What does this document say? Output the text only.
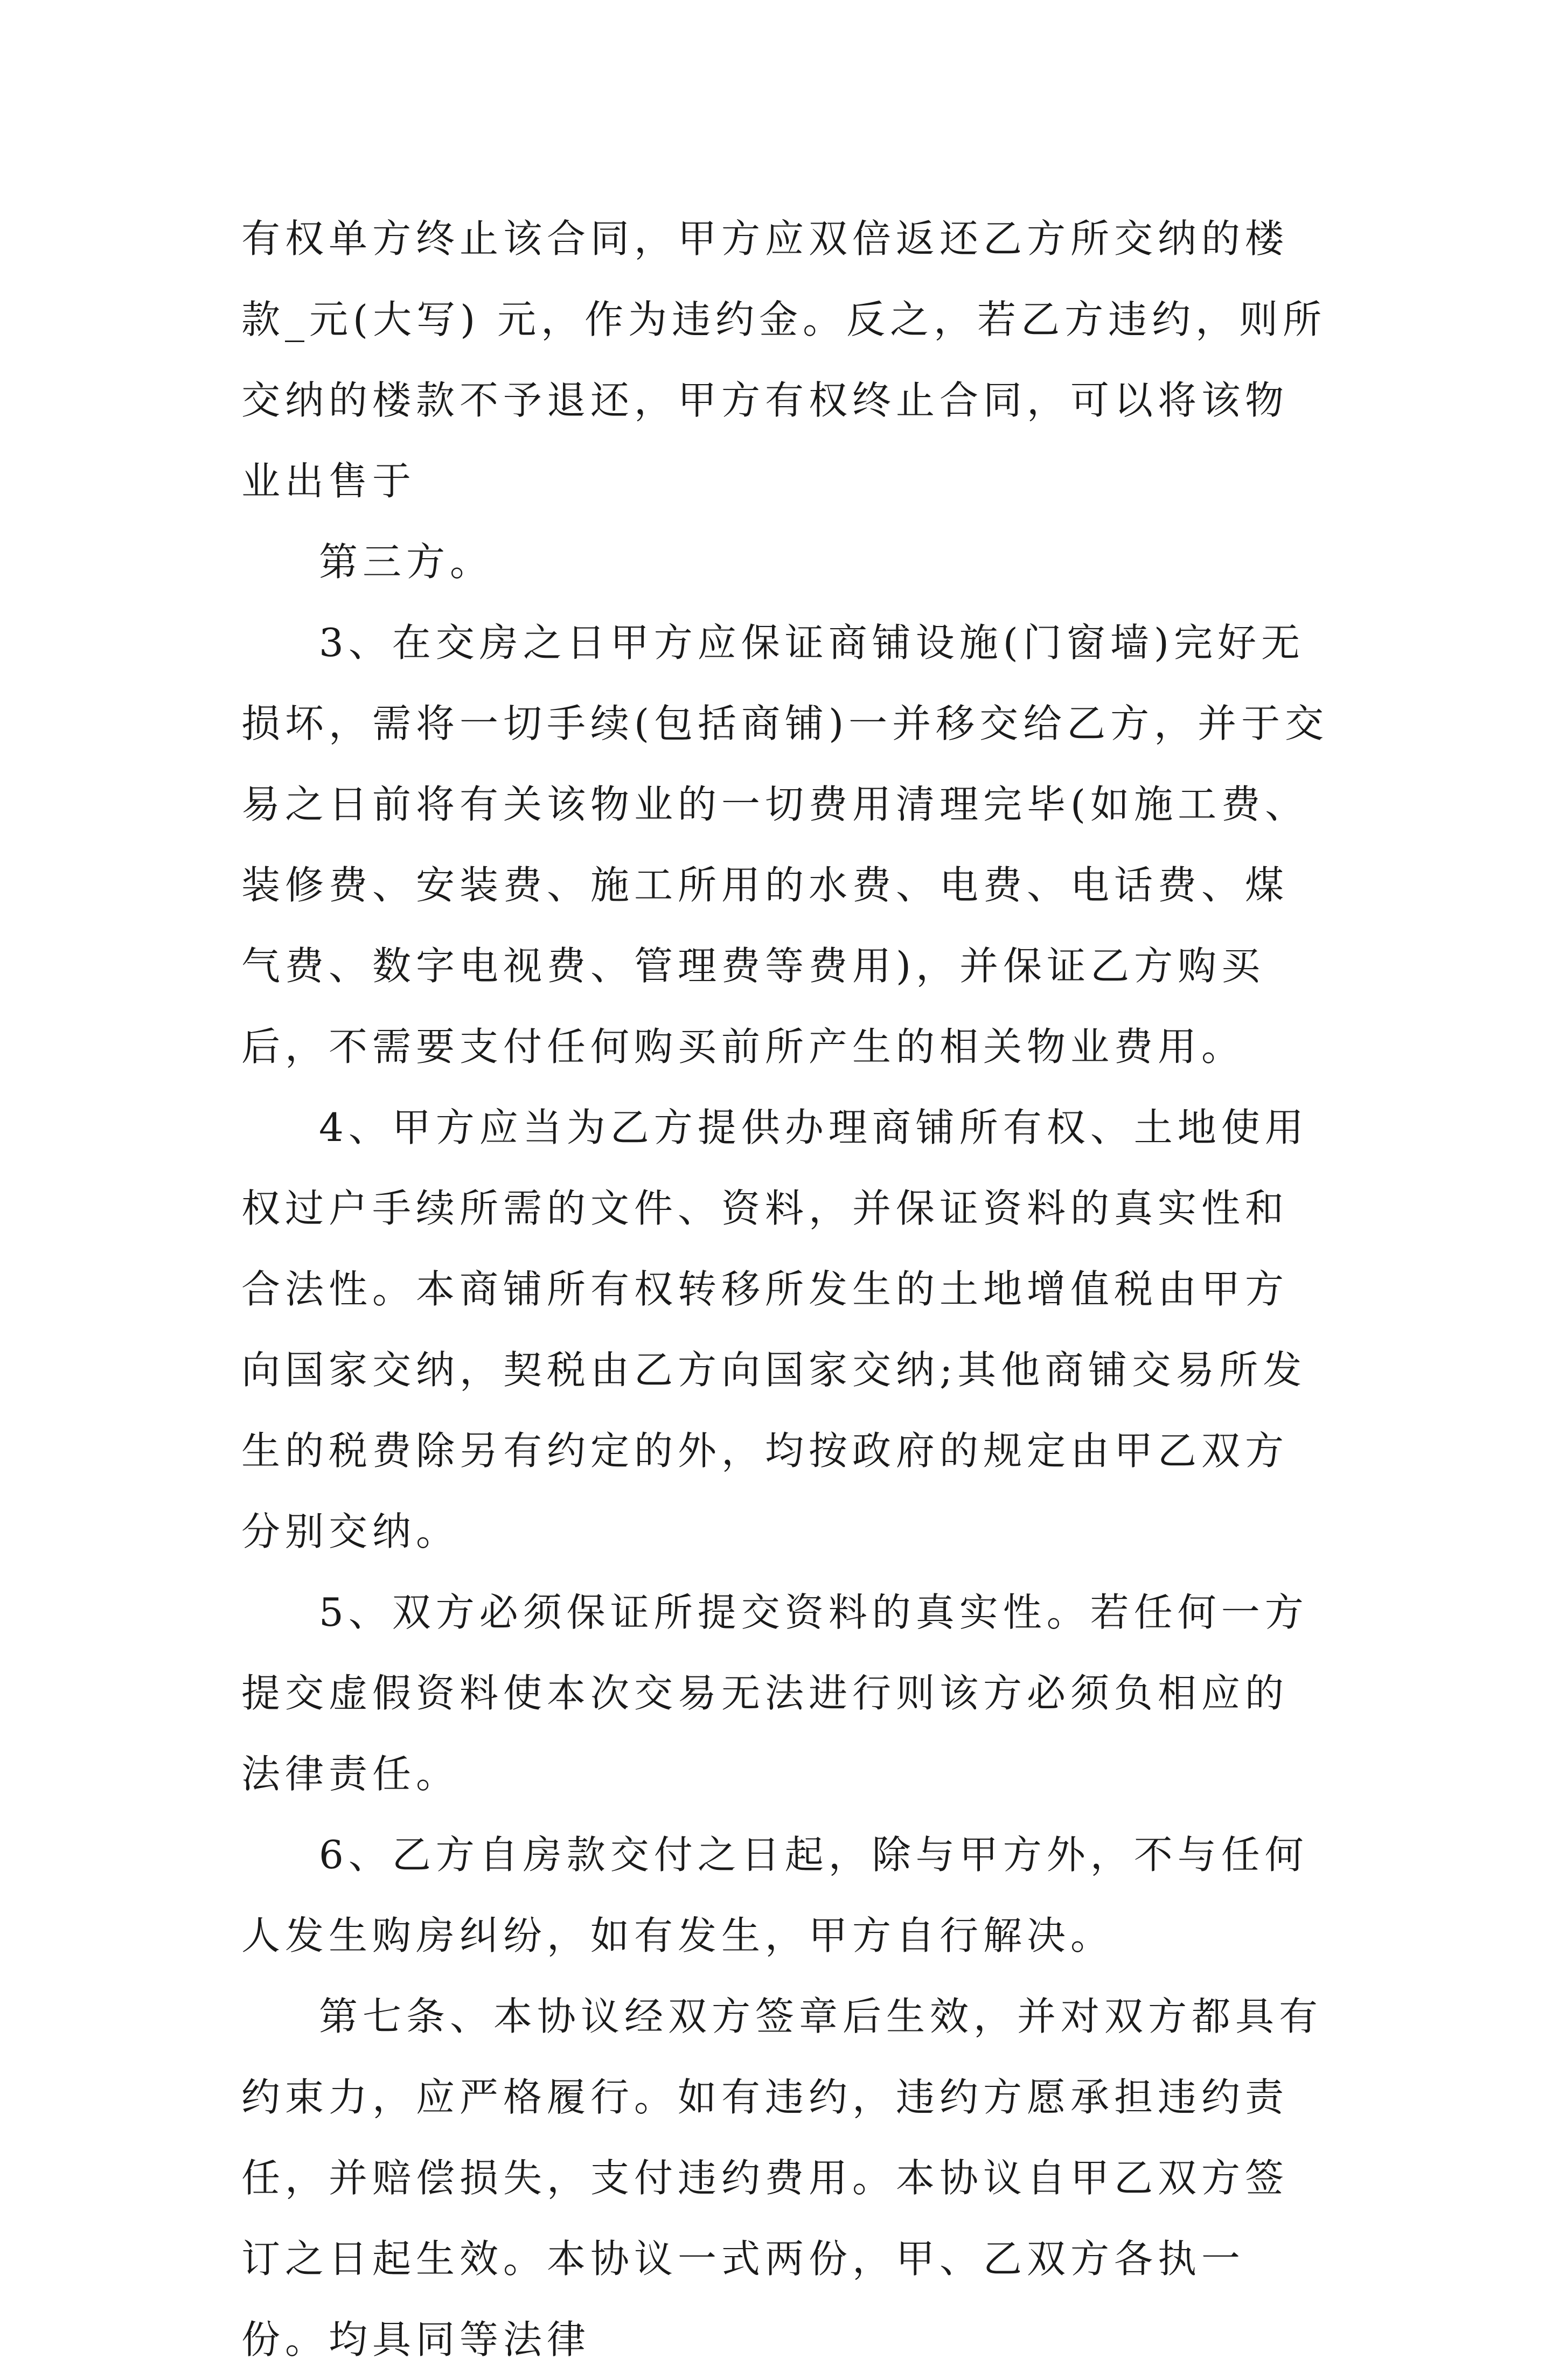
有权单方终止该合同，甲方应双倍返还乙方所交纳的楼款_元(大写) 元，作为违约金。反之，若乙方违约，则所交纳的楼款不予退还，甲方有权终止合同，可以将该物业出售于

第三方。

3、在交房之日甲方应保证商铺设施(门窗墙)完好无损坏，需将一切手续(包括商铺)一并移交给乙方，并于交易之日前将有关该物业的一切费用清理完毕(如施工费、装修费、安装费、施工所用的水费、电费、电话费、煤气费、数字电视费、管理费等费用)，并保证乙方购买后，不需要支付任何购买前所产生的相关物业费用。

4、甲方应当为乙方提供办理商铺所有权、土地使用权过户手续所需的文件、资料，并保证资料的真实性和合法性。本商铺所有权转移所发生的土地增值税由甲方向国家交纳，契税由乙方向国家交纳;其他商铺交易所发生的税费除另有约定的外，均按政府的规定由甲乙双方分别交纳。

5、双方必须保证所提交资料的真实性。若任何一方提交虚假资料使本次交易无法进行则该方必须负相应的法律责任。

6、乙方自房款交付之日起，除与甲方外，不与任何人发生购房纠纷，如有发生，甲方自行解决。

第七条、本协议经双方签章后生效，并对双方都具有约束力，应严格履行。如有违约，违约方愿承担违约责任，并赔偿损失，支付违约费用。本协议自甲乙双方签订之日起生效。本协议一式两份，甲、乙双方各执一份。均具同等法律
